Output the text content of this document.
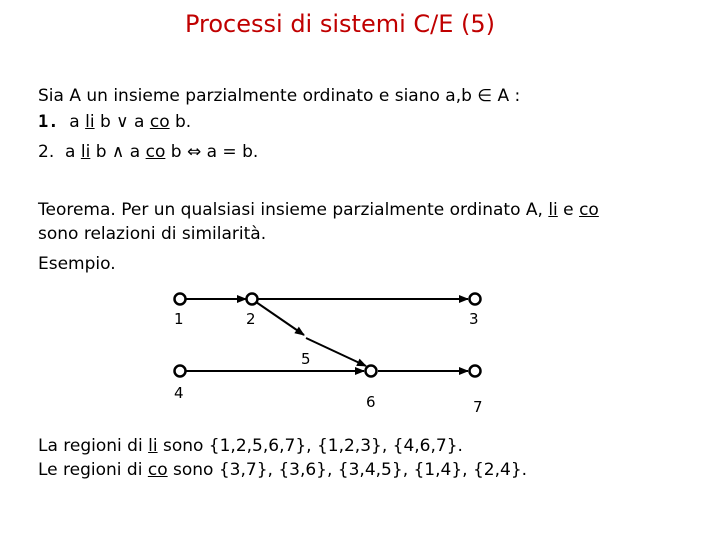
Processi di sistemi C/E (5)
Sia A un insieme parzialmente ordinato e siano a,b ∈ A :
1. a li b ∨ a co b.
2. a li b ∧ a co b ⇔ a = b.
Teorema. Per un qualsiasi insieme parzialmente ordinato A, li e co
sono relazioni di similarità.
Esempio.
1	2	3
5
4	6	7
La regioni di li sono {1,2,5,6,7}, {1,2,3}, {4,6,7}.
Le regioni di co sono {3,7}, {3,6}, {3,4,5}, {1,4}, {2,4}.
